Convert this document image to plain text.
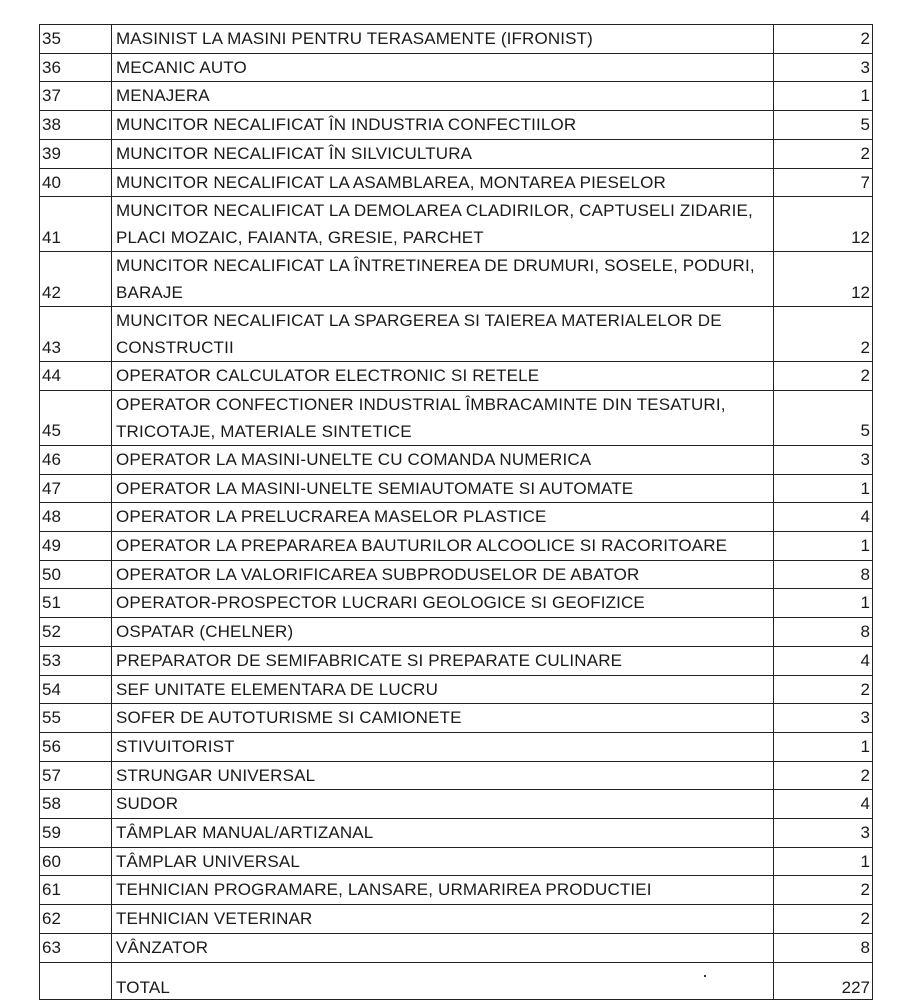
35	MASINIST LA MASINI PENTRU TERASAMENTE (IFRONIST)	2
36	MECANIC AUTO	3
37	MENAJERA	1
38	MUNCITOR NECALIFICAT ÎN INDUSTRIA CONFECTIILOR	5
39	MUNCITOR NECALIFICAT ÎN SILVICULTURA	2
40	MUNCITOR NECALIFICAT LA ASAMBLAREA, MONTAREA PIESELOR	7
41	MUNCITOR NECALIFICAT LA DEMOLAREA CLADIRILOR, CAPTUSELI ZIDARIE, PLACI MOZAIC, FAIANTA, GRESIE, PARCHET	12
42	MUNCITOR NECALIFICAT LA ÎNTRETINEREA DE DRUMURI, SOSELE, PODURI, BARAJE	12
43	MUNCITOR NECALIFICAT LA SPARGEREA SI TAIEREA MATERIALELOR DE CONSTRUCTII	2
44	OPERATOR CALCULATOR ELECTRONIC SI RETELE	2
45	OPERATOR CONFECTIONER INDUSTRIAL ÎMBRACAMINTE DIN TESATURI, TRICOTAJE, MATERIALE SINTETICE	5
46	OPERATOR LA MASINI-UNELTE CU COMANDA NUMERICA	3
47	OPERATOR LA MASINI-UNELTE SEMIAUTOMATE SI AUTOMATE	1
48	OPERATOR LA PRELUCRAREA MASELOR PLASTICE	4
49	OPERATOR LA PREPARAREA BAUTURILOR ALCOOLICE SI RACORITOARE	1
50	OPERATOR LA VALORIFICAREA SUBPRODUSELOR DE ABATOR	8
51	OPERATOR-PROSPECTOR LUCRARI GEOLOGICE SI GEOFIZICE	1
52	OSPATAR (CHELNER)	8
53	PREPARATOR DE SEMIFABRICATE SI PREPARATE CULINARE	4
54	SEF UNITATE ELEMENTARA DE LUCRU	2
55	SOFER DE AUTOTURISME SI CAMIONETE	3
56	STIVUITORIST	1
57	STRUNGAR UNIVERSAL	2
58	SUDOR	4
59	TÂMPLAR MANUAL/ARTIZANAL	3
60	TÂMPLAR UNIVERSAL	1
61	TEHNICIAN PROGRAMARE, LANSARE, URMARIREA PRODUCTIEI	2
62	TEHNICIAN VETERINAR	2
63	VÂNZATOR	8
	TOTAL	227
